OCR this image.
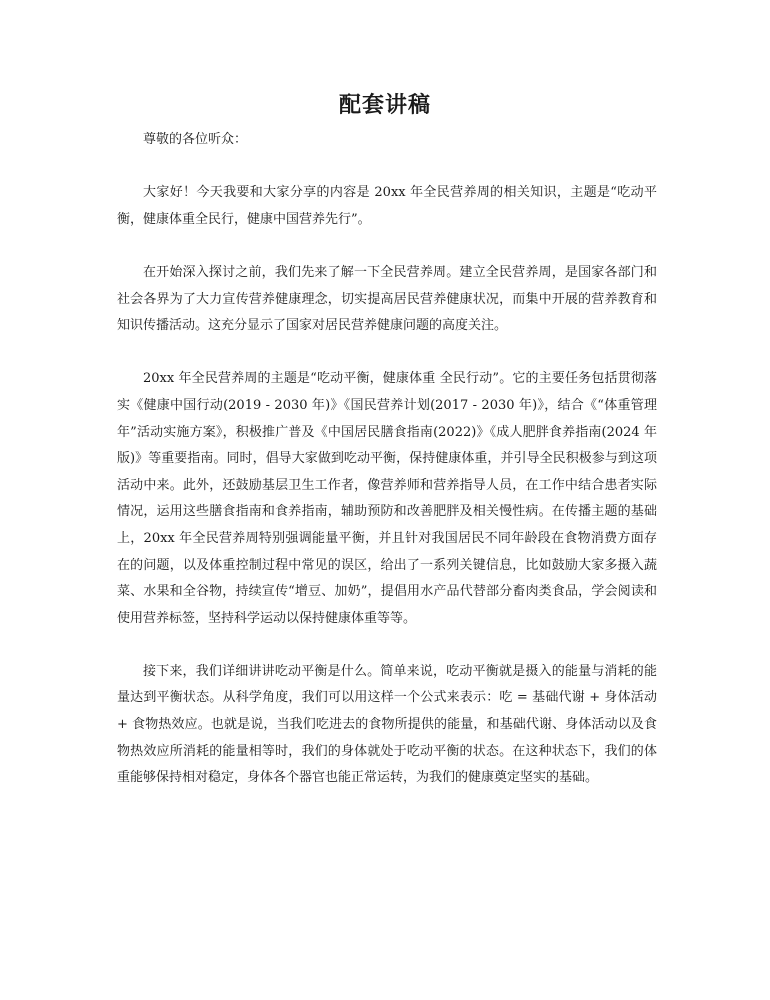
配套讲稿

尊敬的各位听众：

大家好！今天我要和大家分享的内容是 20xx 年全民营养周的相关知识，主题是“吃动平衡，健康体重全民行，健康中国营养先行”。

在开始深入探讨之前，我们先来了解一下全民营养周。建立全民营养周，是国家各部门和社会各界为了大力宣传营养健康理念，切实提高居民营养健康状况，而集中开展的营养教育和知识传播活动。这充分显示了国家对居民营养健康问题的高度关注。

20xx 年全民营养周的主题是“吃动平衡，健康体重 全民行动”。它的主要任务包括贯彻落实《健康中国行动(2019 - 2030 年)》《国民营养计划(2017 - 2030 年)》，结合《“体重管理年”活动实施方案》，积极推广普及《中国居民膳食指南(2022)》《成人肥胖食养指南(2024 年版)》等重要指南。同时，倡导大家做到吃动平衡，保持健康体重，并引导全民积极参与到这项活动中来。此外，还鼓励基层卫生工作者，像营养师和营养指导人员，在工作中结合患者实际情况，运用这些膳食指南和食养指南，辅助预防和改善肥胖及相关慢性病。在传播主题的基础上，20xx 年全民营养周特别强调能量平衡，并且针对我国居民不同年龄段在食物消费方面存在的问题，以及体重控制过程中常见的误区，给出了一系列关键信息，比如鼓励大家多摄入蔬菜、水果和全谷物，持续宣传“增豆、加奶”，提倡用水产品代替部分畜肉类食品，学会阅读和使用营养标签，坚持科学运动以保持健康体重等等。

接下来，我们详细讲讲吃动平衡是什么。简单来说，吃动平衡就是摄入的能量与消耗的能量达到平衡状态。从科学角度，我们可以用这样一个公式来表示：吃 = 基础代谢 + 身体活动 + 食物热效应。也就是说，当我们吃进去的食物所提供的能量，和基础代谢、身体活动以及食物热效应所消耗的能量相等时，我们的身体就处于吃动平衡的状态。在这种状态下，我们的体重能够保持相对稳定，身体各个器官也能正常运转，为我们的健康奠定坚实的基础。
